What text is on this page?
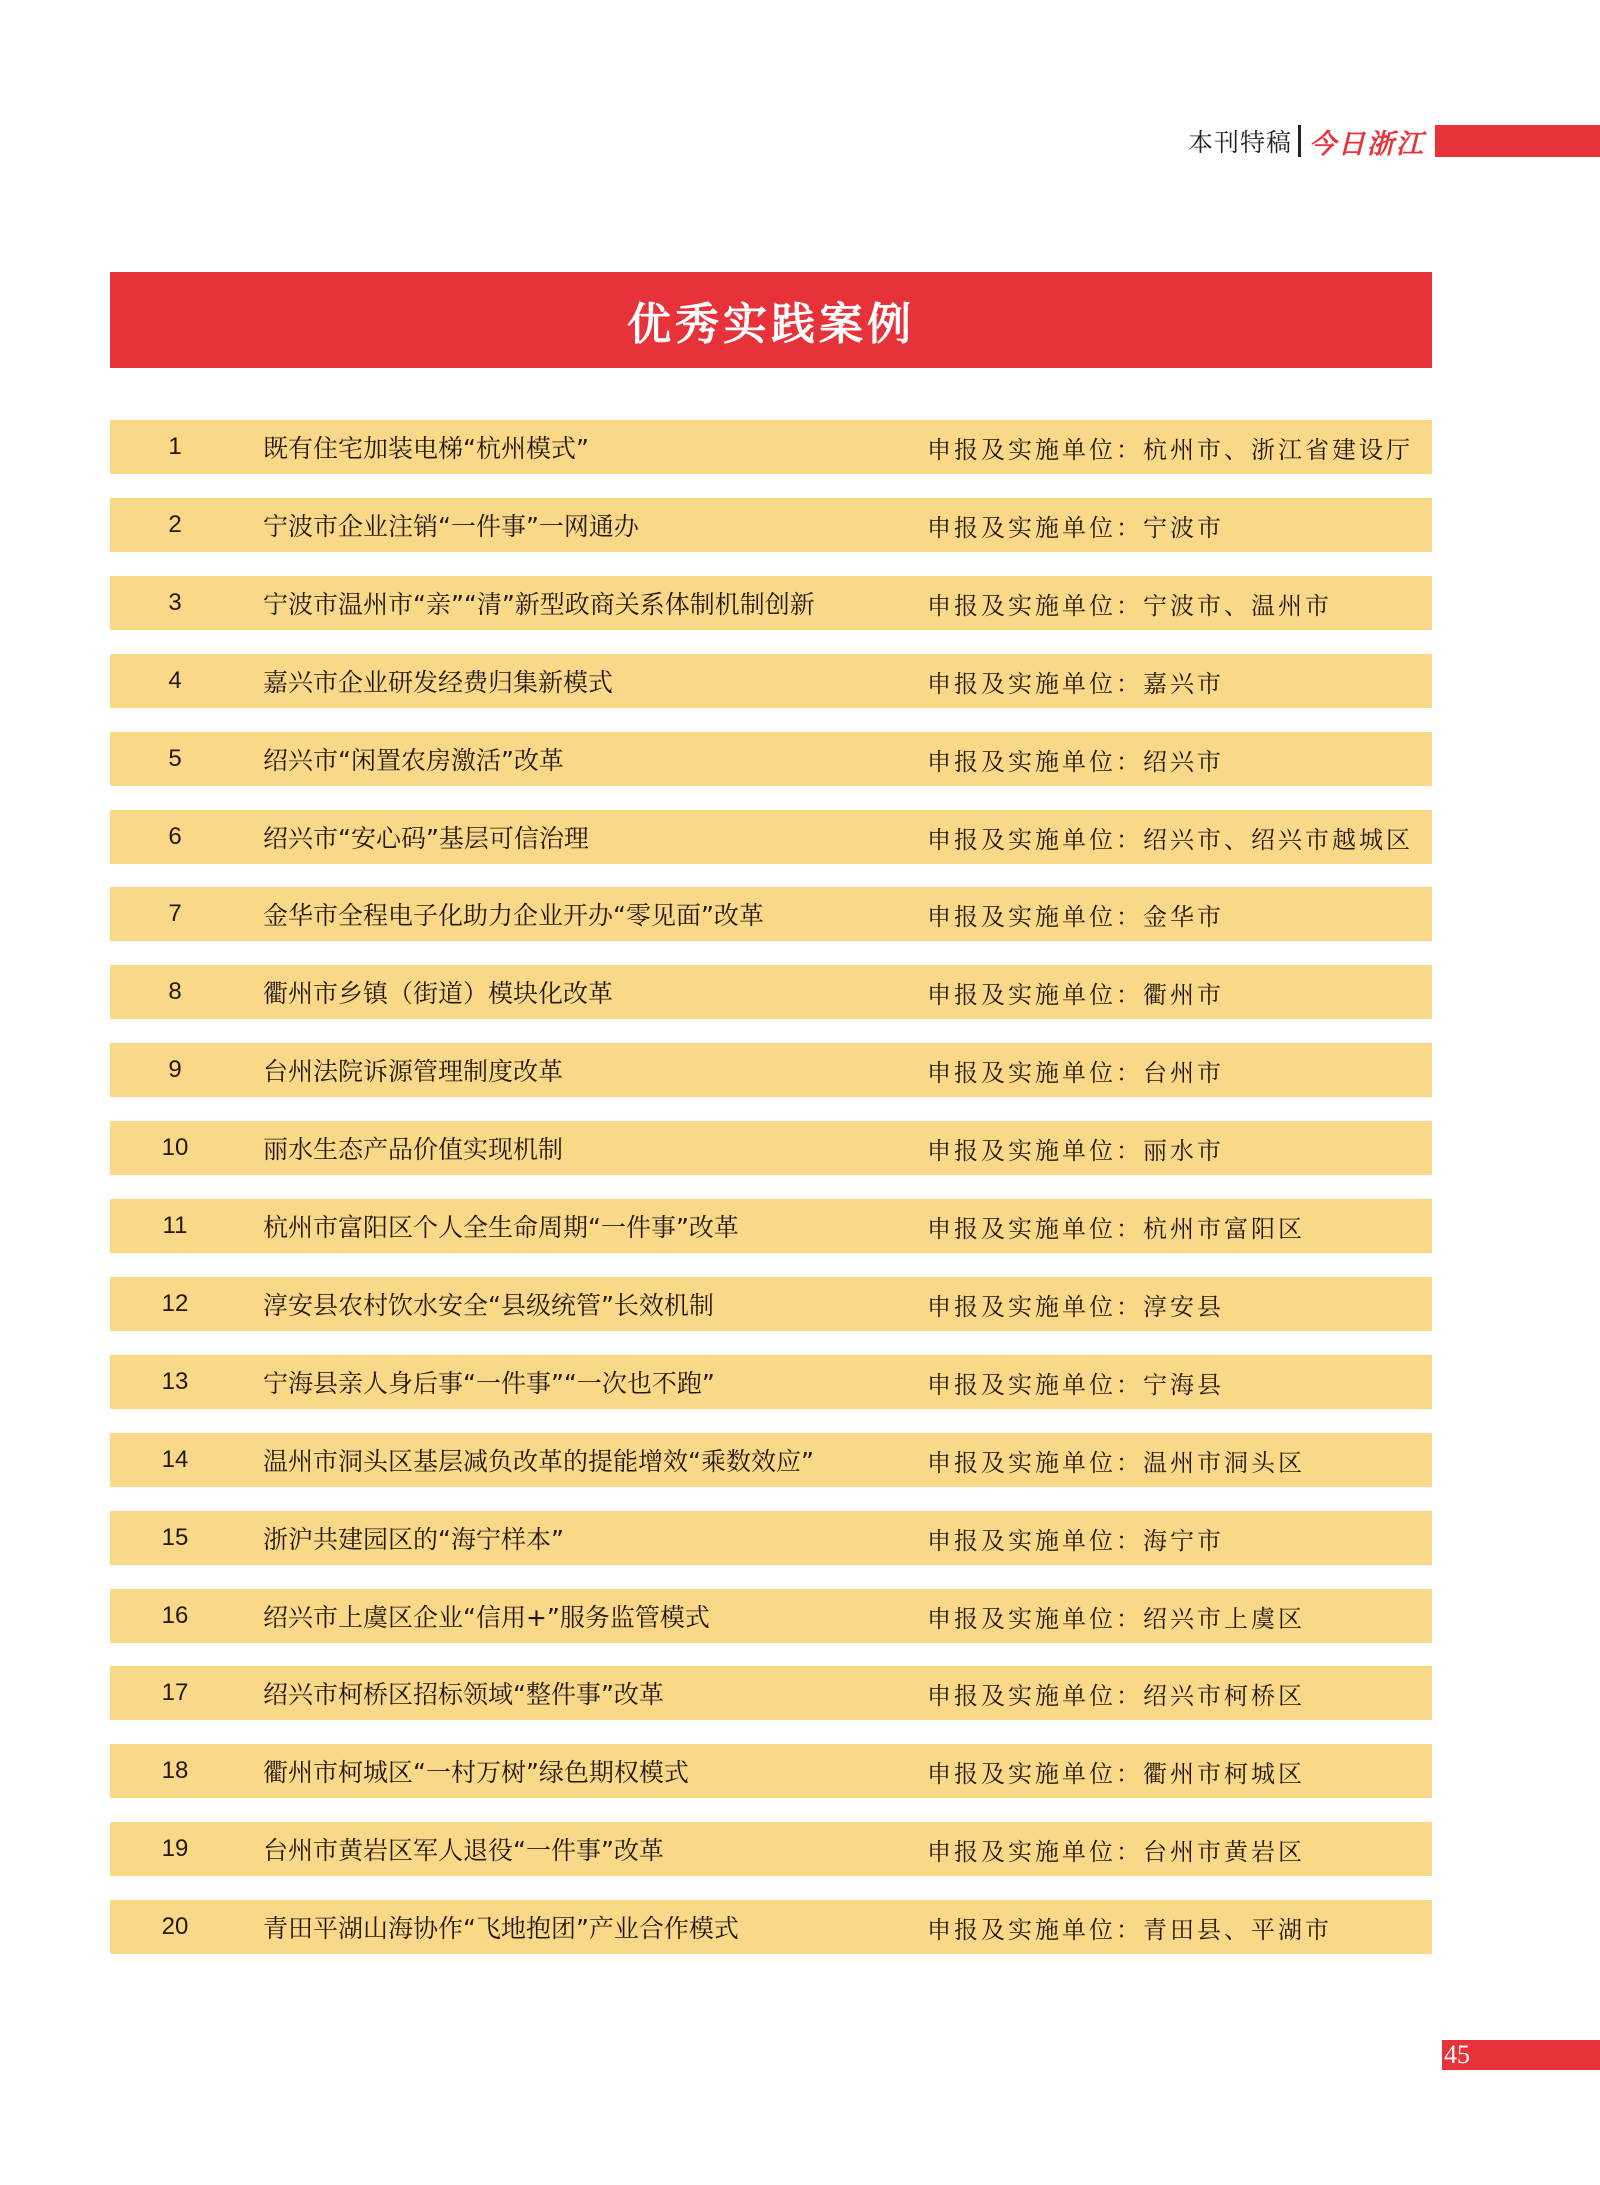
本刊特稿 今日浙江
优秀实践案例
1	既有住宅加装电梯“杭州模式”	申报及实施单位：杭州市、浙江省建设厅
2	宁波市企业注销“一件事”一网通办	申报及实施单位：宁波市
3	宁波市温州市“亲”“清”新型政商关系体制机制创新	申报及实施单位：宁波市、温州市
4	嘉兴市企业研发经费归集新模式	申报及实施单位：嘉兴市
5	绍兴市“闲置农房激活”改革	申报及实施单位：绍兴市
6	绍兴市“安心码”基层可信治理	申报及实施单位：绍兴市、绍兴市越城区
7	金华市全程电子化助力企业开办“零见面”改革	申报及实施单位：金华市
8	衢州市乡镇（街道）模块化改革	申报及实施单位：衢州市
9	台州法院诉源管理制度改革	申报及实施单位：台州市
10	丽水生态产品价值实现机制	申报及实施单位：丽水市
11	杭州市富阳区个人全生命周期“一件事”改革	申报及实施单位：杭州市富阳区
12	淳安县农村饮水安全“县级统管”长效机制	申报及实施单位：淳安县
13	宁海县亲人身后事“一件事”“一次也不跑”	申报及实施单位：宁海县
14	温州市洞头区基层减负改革的提能增效“乘数效应”	申报及实施单位：温州市洞头区
15	浙沪共建园区的“海宁样本”	申报及实施单位：海宁市
16	绍兴市上虞区企业“信用+”服务监管模式	申报及实施单位：绍兴市上虞区
17	绍兴市柯桥区招标领域“整件事”改革	申报及实施单位：绍兴市柯桥区
18	衢州市柯城区“一村万树”绿色期权模式	申报及实施单位：衢州市柯城区
19	台州市黄岩区军人退役“一件事”改革	申报及实施单位：台州市黄岩区
20	青田平湖山海协作“飞地抱团”产业合作模式	申报及实施单位：青田县、平湖市
45
